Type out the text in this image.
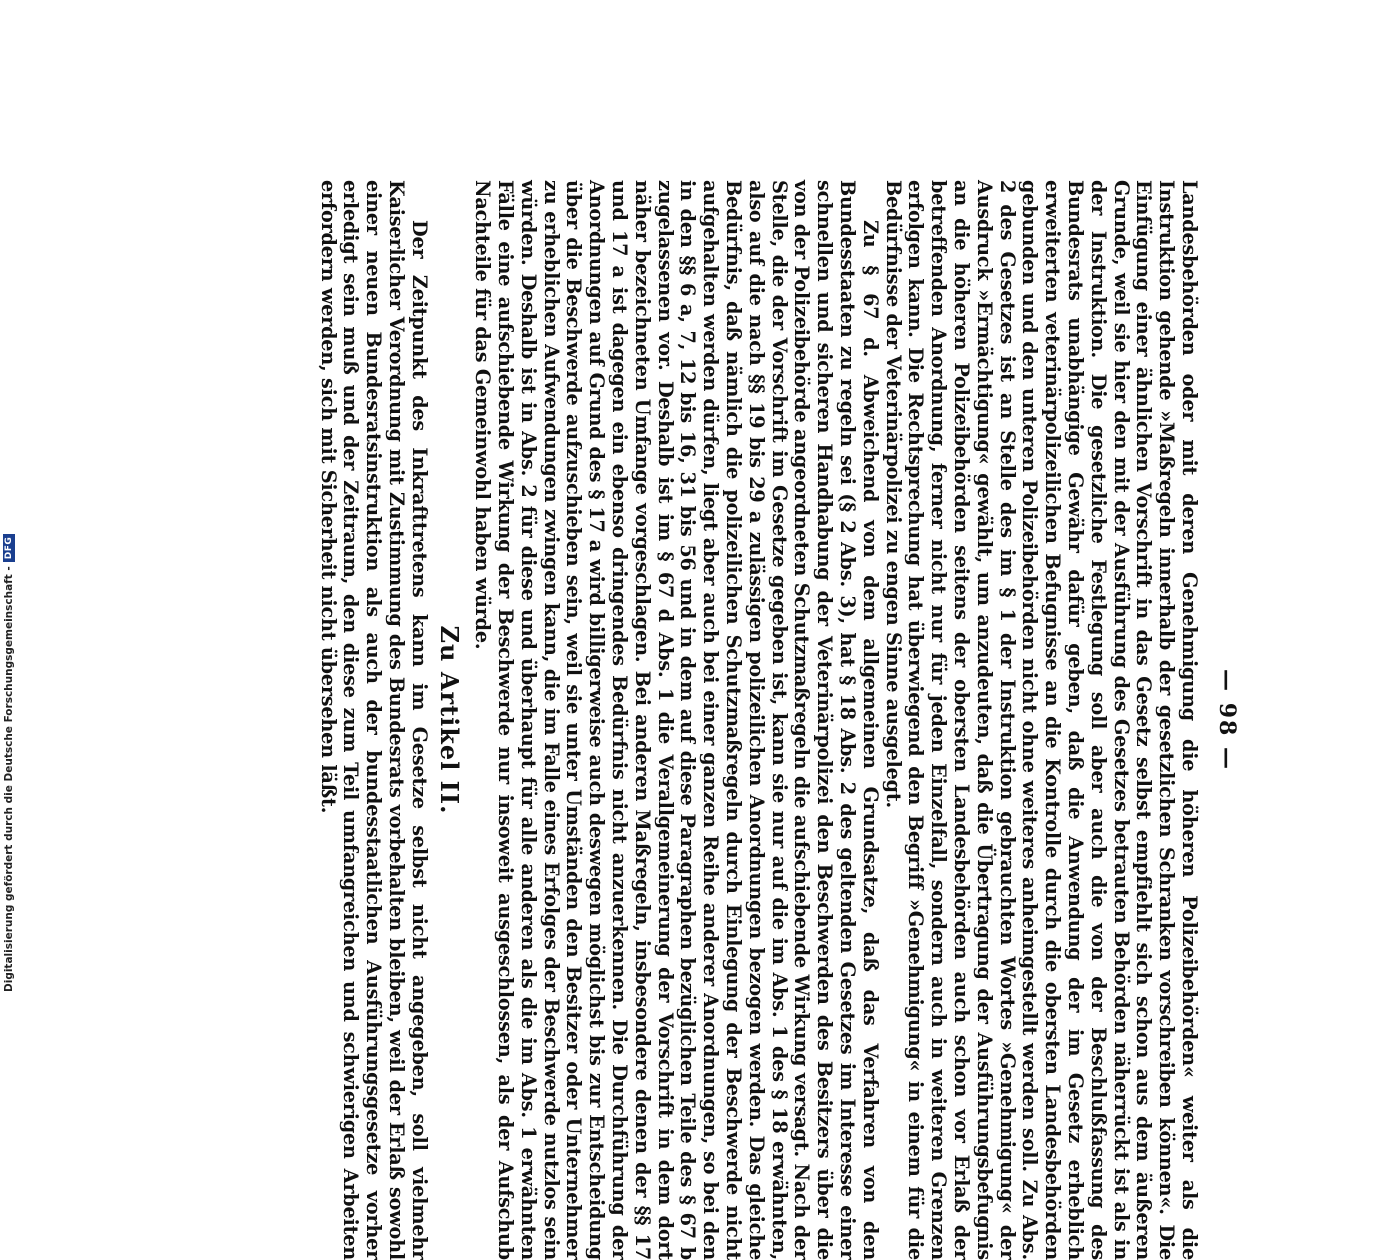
— 98 —

Landesbehörden oder mit deren Genehmigung die höheren Polizeibehörden« weiter als die Instruktion gehende »Maßregeln innerhalb der gesetzlichen Schranken vorschreiben können«. Die Einfügung einer ähnlichen Vorschrift in das Gesetz selbst empfiehlt sich schon aus dem äußeren Grunde, weil sie hier den mit der Ausführung des Gesetzes betrauten Behörden näherrückt ist als in der Instruktion. Die gesetzliche Festlegung soll aber auch die von der Beschlußfassung des Bundesrats unabhängige Gewähr dafür geben, daß die Anwendung der im Gesetz erheblich erweiterten veterinärpolizeilichen Befugnisse an die Kontrolle durch die obersten Landesbehörden gebunden und den unteren Polizeibehörden nicht ohne weiteres anheimgestellt werden soll. Zu Abs. 2 des Gesetzes ist an Stelle des im § 1 der Instruktion gebrauchten Wortes »Genehmigung« der Ausdruck »Ermächtigung« gewählt, um anzudeuten, daß die Übertragung der Ausführungsbefugnis an die höheren Polizeibehörden seitens der obersten Landesbehörden auch schon vor Erlaß der betreffenden Anordnung, ferner nicht nur für jeden Einzelfall, sondern auch in weiteren Grenzen erfolgen kann. Die Rechtsprechung hat überwiegend den Begriff »Genehmigung« in einem für die Bedürfnisse der Veterinärpolizei zu engen Sinne ausgelegt.

Zu § 67 d. Abweichend von dem allgemeinen Grundsatze, daß das Verfahren von den Bundesstaaten zu regeln sei (§ 2 Abs. 3), hat § 18 Abs. 2 des geltenden Gesetzes im Interesse einer schnellen und sicheren Handhabung der Veterinärpolizei den Beschwerden des Besitzers über die von der Polizeibehörde angeordneten Schutzmaßregeln die aufschiebende Wirkung versagt. Nach der Stelle, die der Vorschrift im Gesetze gegeben ist, kann sie nur auf die im Abs. 1 des § 18 erwähnten, also auf die nach §§ 19 bis 29 a zulässigen polizeilichen Anordnungen bezogen werden. Das gleiche Bedürfnis, daß nämlich die polizeilichen Schutzmaßregeln durch Einlegung der Beschwerde nicht aufgehalten werden dürfen, liegt aber auch bei einer ganzen Reihe anderer Anordnungen, so bei den in den §§ 6 a, 7, 12 bis 16, 31 bis 56 und in dem auf diese Paragraphen bezüglichen Teile des § 67 b zugelassenen vor. Deshalb ist im § 67 d Abs. 1 die Verallgemeinerung der Vorschrift in dem dort näher bezeichneten Umfange vorgeschlagen. Bei anderen Maßregeln, insbesondere denen der §§ 17 und 17 a ist dagegen ein ebenso dringendes Bedürfnis nicht anzuerkennen. Die Durchführung der Anordnungen auf Grund des § 17 a wird billigerweise auch deswegen möglichst bis zur Entscheidung über die Beschwerde aufzuschieben sein, weil sie unter Umständen den Besitzer oder Unternehmer zu erheblichen Aufwendungen zwingen kann, die im Falle eines Erfolges der Beschwerde nutzlos sein würden. Deshalb ist in Abs. 2 für diese und überhaupt für alle anderen als die im Abs. 1 erwähnten Fälle eine aufschiebende Wirkung der Beschwerde nur insoweit ausgeschlossen, als der Aufschub Nachteile für das Gemeinwohl haben würde.

Zu Artikel II.

Der Zeitpunkt des Inkrafttretens kann im Gesetze selbst nicht angegeben, soll vielmehr Kaiserlicher Verordnung mit Zustimmung des Bundesrats vorbehalten bleiben, weil der Erlaß sowohl einer neuen Bundesratsinstruktion als auch der bundesstaatlichen Ausführungsgesetze vorher erledigt sein muß und der Zeitraum, den diese zum Teil umfangreichen und schwierigen Arbeiten erfordern werden, sich mit Sicherheit nicht übersehen läßt.

Digitalisierung gefördert durch die Deutsche Forschungsgemeinschaft -
DFG
